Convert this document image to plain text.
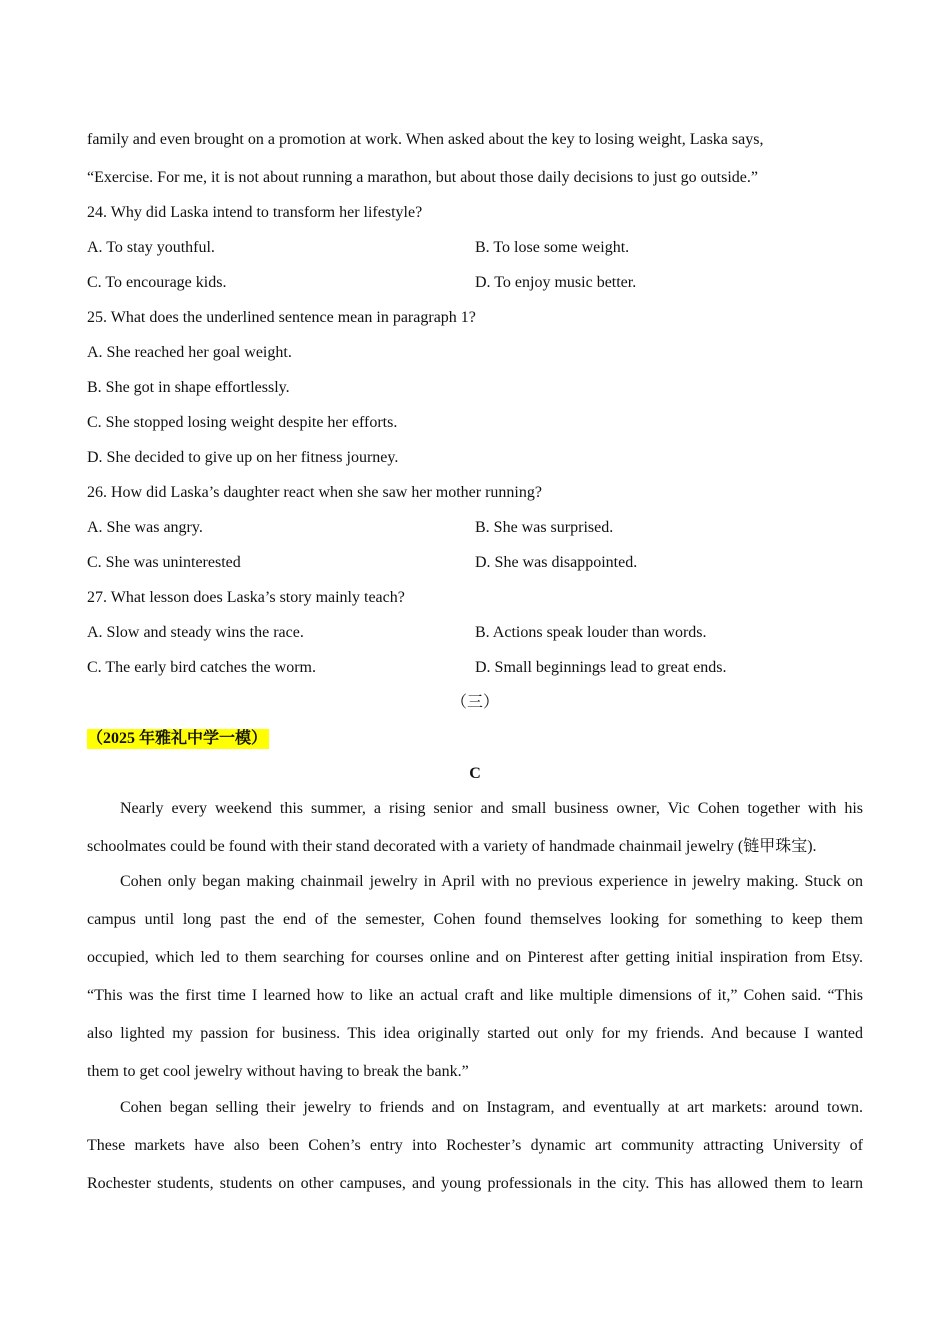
family and even brought on a promotion at work. When asked about the key to losing weight, Laska says,
“Exercise. For me, it is not about running a marathon, but about those daily decisions to just go outside.”
24. Why did Laska intend to transform her lifestyle?
A. To stay youthful.	B. To lose some weight.
C. To encourage kids.	D. To enjoy music better.
25. What does the underlined sentence mean in paragraph 1?
A. She reached her goal weight.
B. She got in shape effortlessly.
C. She stopped losing weight despite her efforts.
D. She decided to give up on her fitness journey.
26. How did Laska’s daughter react when she saw her mother running?
A. She was angry.	B. She was surprised.
C. She was uninterested	D. She was disappointed.
27. What lesson does Laska’s story mainly teach?
A. Slow and steady wins the race.	B. Actions speak louder than words.
C. The early bird catches the worm.	D. Small beginnings lead to great ends.
（三）
（2025 年雅礼中学一模）
C
Nearly every weekend this summer, a rising senior and small business owner, Vic Cohen together with his
schoolmates could be found with their stand decorated with a variety of handmade chainmail jewelry (链甲珠宝).
Cohen only began making chainmail jewelry in April with no previous experience in jewelry making. Stuck on
campus until long past the end of the semester, Cohen found themselves looking for something to keep them
occupied, which led to them searching for courses online and on Pinterest after getting initial inspiration from Etsy.
“This was the first time I learned how to like an actual craft and like multiple dimensions of it,” Cohen said. “This
also lighted my passion for business. This idea originally started out only for my friends. And because I wanted
them to get cool jewelry without having to break the bank.”
Cohen began selling their jewelry to friends and on Instagram, and eventually at art markets: around town.
These markets have also been Cohen’s entry into Rochester’s dynamic art community attracting University of
Rochester students, students on other campuses, and young professionals in the city. This has allowed them to learn
